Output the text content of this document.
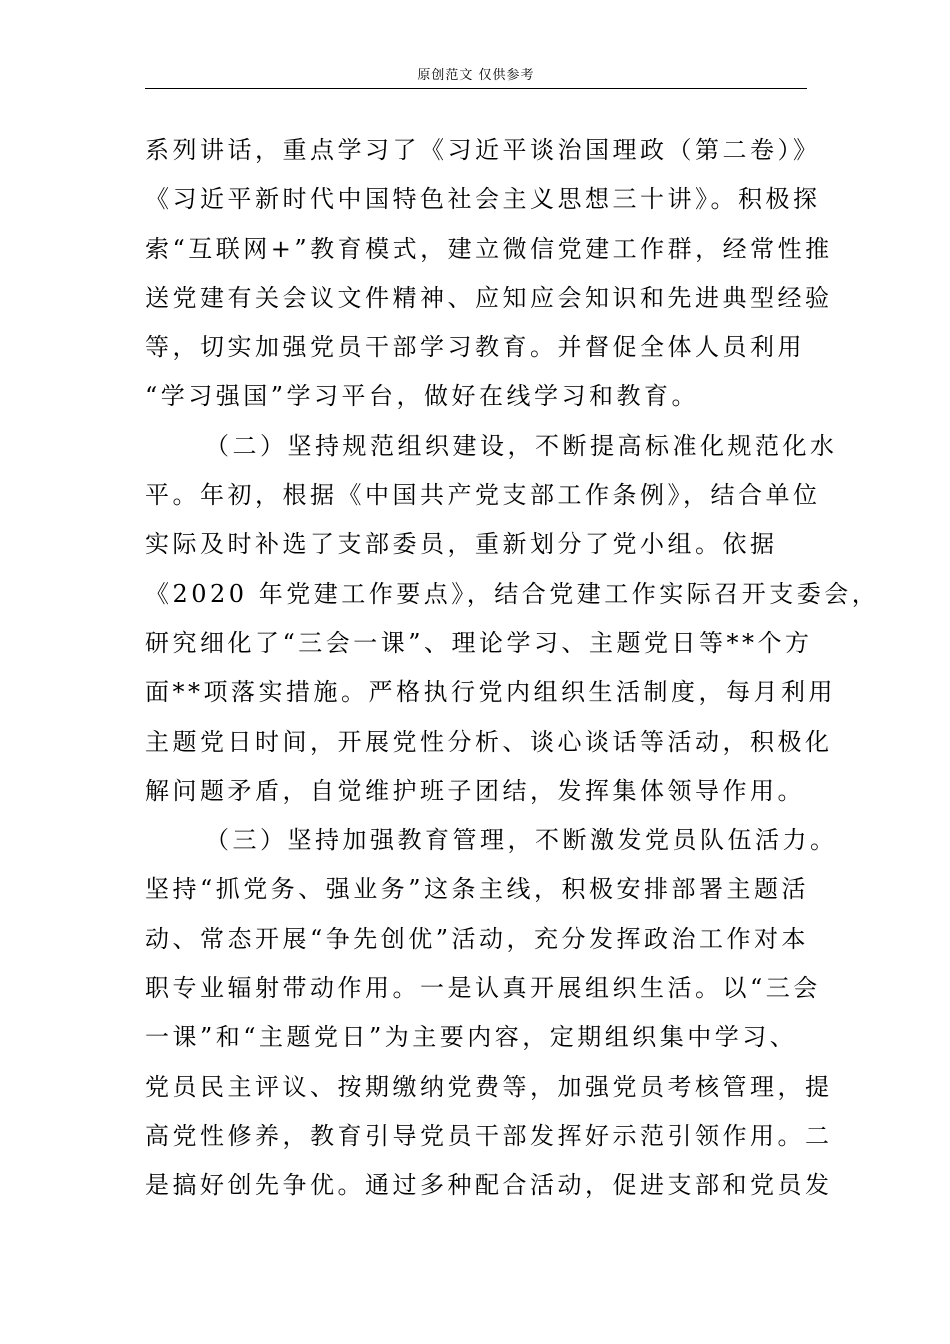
原创范文 仅供参考
系列讲话，重点学习了《习近平谈治国理政（第二卷）》
《习近平新时代中国特色社会主义思想三十讲》。积极探
索“互联网+”教育模式，建立微信党建工作群，经常性推
送党建有关会议文件精神、应知应会知识和先进典型经验
等，切实加强党员干部学习教育。并督促全体人员利用
“学习强国”学习平台，做好在线学习和教育。
（二）坚持规范组织建设，不断提高标准化规范化水
平。年初，根据《中国共产党支部工作条例》，结合单位
实际及时补选了支部委员，重新划分了党小组。依据
《2020 年党建工作要点》，结合党建工作实际召开支委会，
研究细化了“三会一课”、理论学习、主题党日等**个方
面**项落实措施。严格执行党内组织生活制度，每月利用
主题党日时间，开展党性分析、谈心谈话等活动，积极化
解问题矛盾，自觉维护班子团结，发挥集体领导作用。
（三）坚持加强教育管理，不断激发党员队伍活力。
坚持“抓党务、强业务”这条主线，积极安排部署主题活
动、常态开展“争先创优”活动，充分发挥政治工作对本
职专业辐射带动作用。一是认真开展组织生活。以“三会
一课”和“主题党日”为主要内容，定期组织集中学习、
党员民主评议、按期缴纳党费等，加强党员考核管理，提
高党性修养，教育引导党员干部发挥好示范引领作用。二
是搞好创先争优。通过多种配合活动，促进支部和党员发
